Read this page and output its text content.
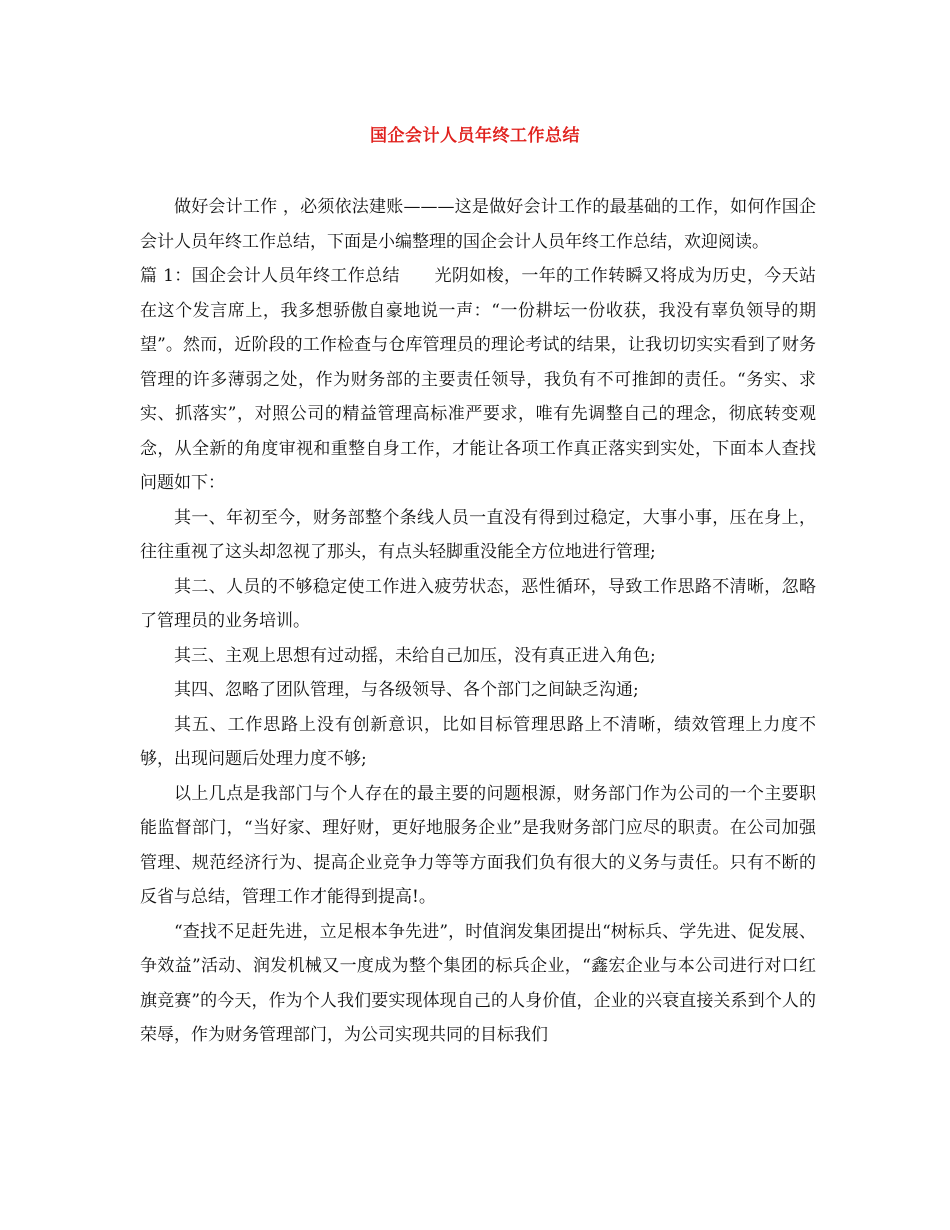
国企会计人员年终工作总结

做好会计工作 ，必须依法建账———这是做好会计工作的最基础的工作，如何作国企会计人员年终工作总结，下面是小编整理的国企会计人员年终工作总结，欢迎阅读。

篇 1：国企会计人员年终工作总结　　光阴如梭，一年的工作转瞬又将成为历史，今天站在这个发言席上，我多想骄傲自豪地说一声：“一份耕坛一份收获，我没有辜负领导的期望”。然而，近阶段的工作检查与仓库管理员的理论考试的结果，让我切切实实看到了财务管理的许多薄弱之处，作为财务部的主要责任领导，我负有不可推卸的责任。“务实、求实、抓落实”，对照公司的精益管理高标准严要求，唯有先调整自己的理念，彻底转变观念，从全新的角度审视和重整自身工作，才能让各项工作真正落实到实处，下面本人查找问题如下：

其一、年初至今，财务部整个条线人员一直没有得到过稳定，大事小事，压在身上，往往重视了这头却忽视了那头，有点头轻脚重没能全方位地进行管理;

其二、人员的不够稳定使工作进入疲劳状态，恶性循环，导致工作思路不清晰，忽略了管理员的业务培训。

其三、主观上思想有过动摇，未给自己加压，没有真正进入角色;

其四、忽略了团队管理，与各级领导、各个部门之间缺乏沟通;

其五、工作思路上没有创新意识，比如目标管理思路上不清晰，绩效管理上力度不够，出现问题后处理力度不够;

以上几点是我部门与个人存在的最主要的问题根源，财务部门作为公司的一个主要职能监督部门，“当好家、理好财，更好地服务企业”是我财务部门应尽的职责。在公司加强管理、规范经济行为、提高企业竞争力等等方面我们负有很大的义务与责任。只有不断的反省与总结，管理工作才能得到提高!。

“查找不足赶先进，立足根本争先进”，时值润发集团提出“树标兵、学先进、促发展、争效益”活动、润发机械又一度成为整个集团的标兵企业，“鑫宏企业与本公司进行对口红旗竞赛”的今天，作为个人我们要实现体现自己的人身价值，企业的兴衰直接关系到个人的荣辱，作为财务管理部门，为公司实现共同的目标我们
